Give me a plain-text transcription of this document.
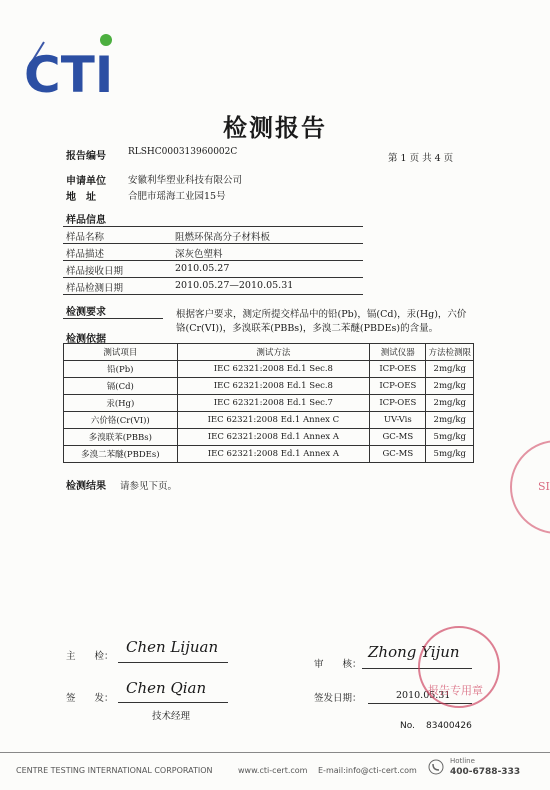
CTI
检测报告
报告编号 RLSHC00031396000​2C
第 1 页 共 4 页
申请单位 安徽利华塑业科技有限公司
地　址	合肥市瑶海工业园15号
样品信息
样品名称	阻燃环保高分子材料板
样品描述	深灰色塑料
样品接收日期	2010.05.27
样品检测日期	2010.05.27—2010.05.31
检测要求	根据客户要求，测定所提交样品中的铅(Pb)，镉(Cd)，汞(Hg)，六价
铬(Cr(VI))，多溴联苯(PBBs)，多溴二苯醚(PBDEs)的含量。
检测依据
测试项目	测试方法	测试仪器	方法检测限
铅(Pb)	IEC 62321:2008 Ed.1 Sec.8	ICP-OES	2mg/kg
镉(Cd)	IEC 62321:2008 Ed.1 Sec.8	ICP-OES	2mg/kg
汞(Hg)	IEC 62321:2008 Ed.1 Sec.7	ICP-OES	2mg/kg
六价铬(Cr(VI))	IEC 62321:2008 Ed.1 Annex C	UV-Vis	2mg/kg
多溴联苯(PBBs)	IEC 62321:2008 Ed.1 Annex A	GC-MS	5mg/kg
多溴二苯醚(PBDEs)	IEC 62321:2008 Ed.1 Annex A	GC-MS	5mg/kg
检测结果 请参见下页。	SI
主　　检：
Chen Lijuan
审　　核：
Zhong Yijun
签　　发：
Chen Qian
技术经理
签发日期：	2010.05.31
报告专用章
No. 83400426
CENTRE TESTING INTERNATIONAL CORPORATION	www.cti-cert.com E-mail:info@cti-cert.com
Hotline
400-6788-333
